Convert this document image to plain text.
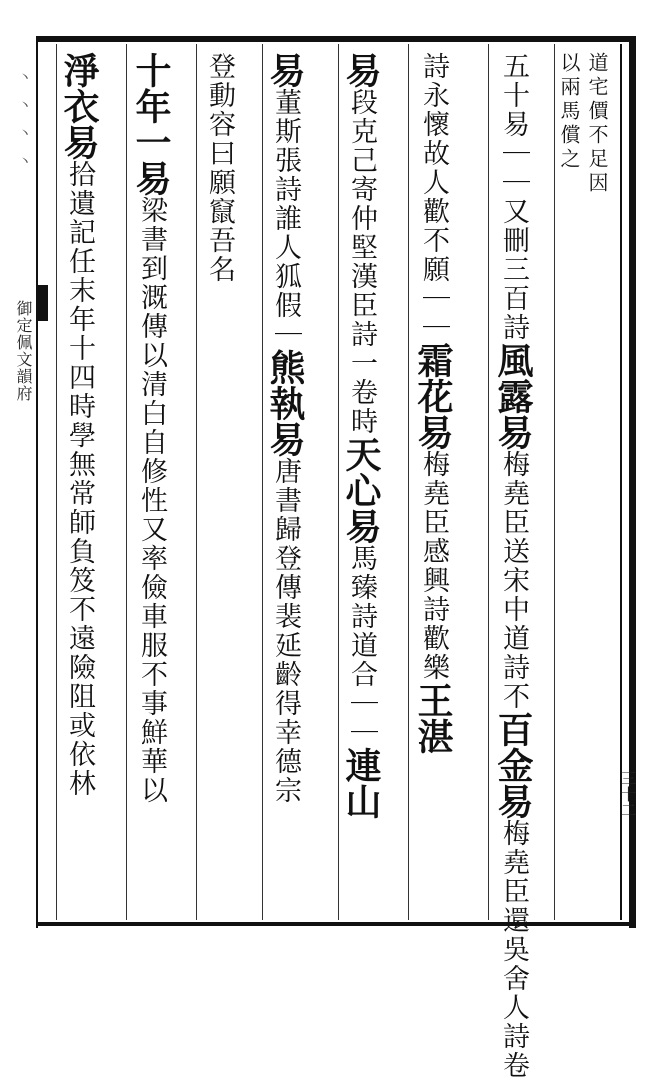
丶丶丶丶
御定佩文韻府
三十二
道宅價不足因
以兩馬償之
五十易｜｜又刪三百詩風露易梅堯臣送宋中道詩不百金易梅堯臣還吳舍人詩卷
詩永懷故人歡不願｜｜霜花易梅堯臣感興詩歡樂王湛
易段克己寄仲堅漢臣詩一卷時天心易馬臻詩道合｜｜連山
易董斯張詩誰人狐假｜熊執易唐書歸登傳裴延齡得幸德宗
登動容曰願竄吾名
十年一易梁書到溉傳以清白自修性又率儉車服不事鮮華以
淨衣易拾遺記任末年十四時學無常師負笈不遠險阻或依林
